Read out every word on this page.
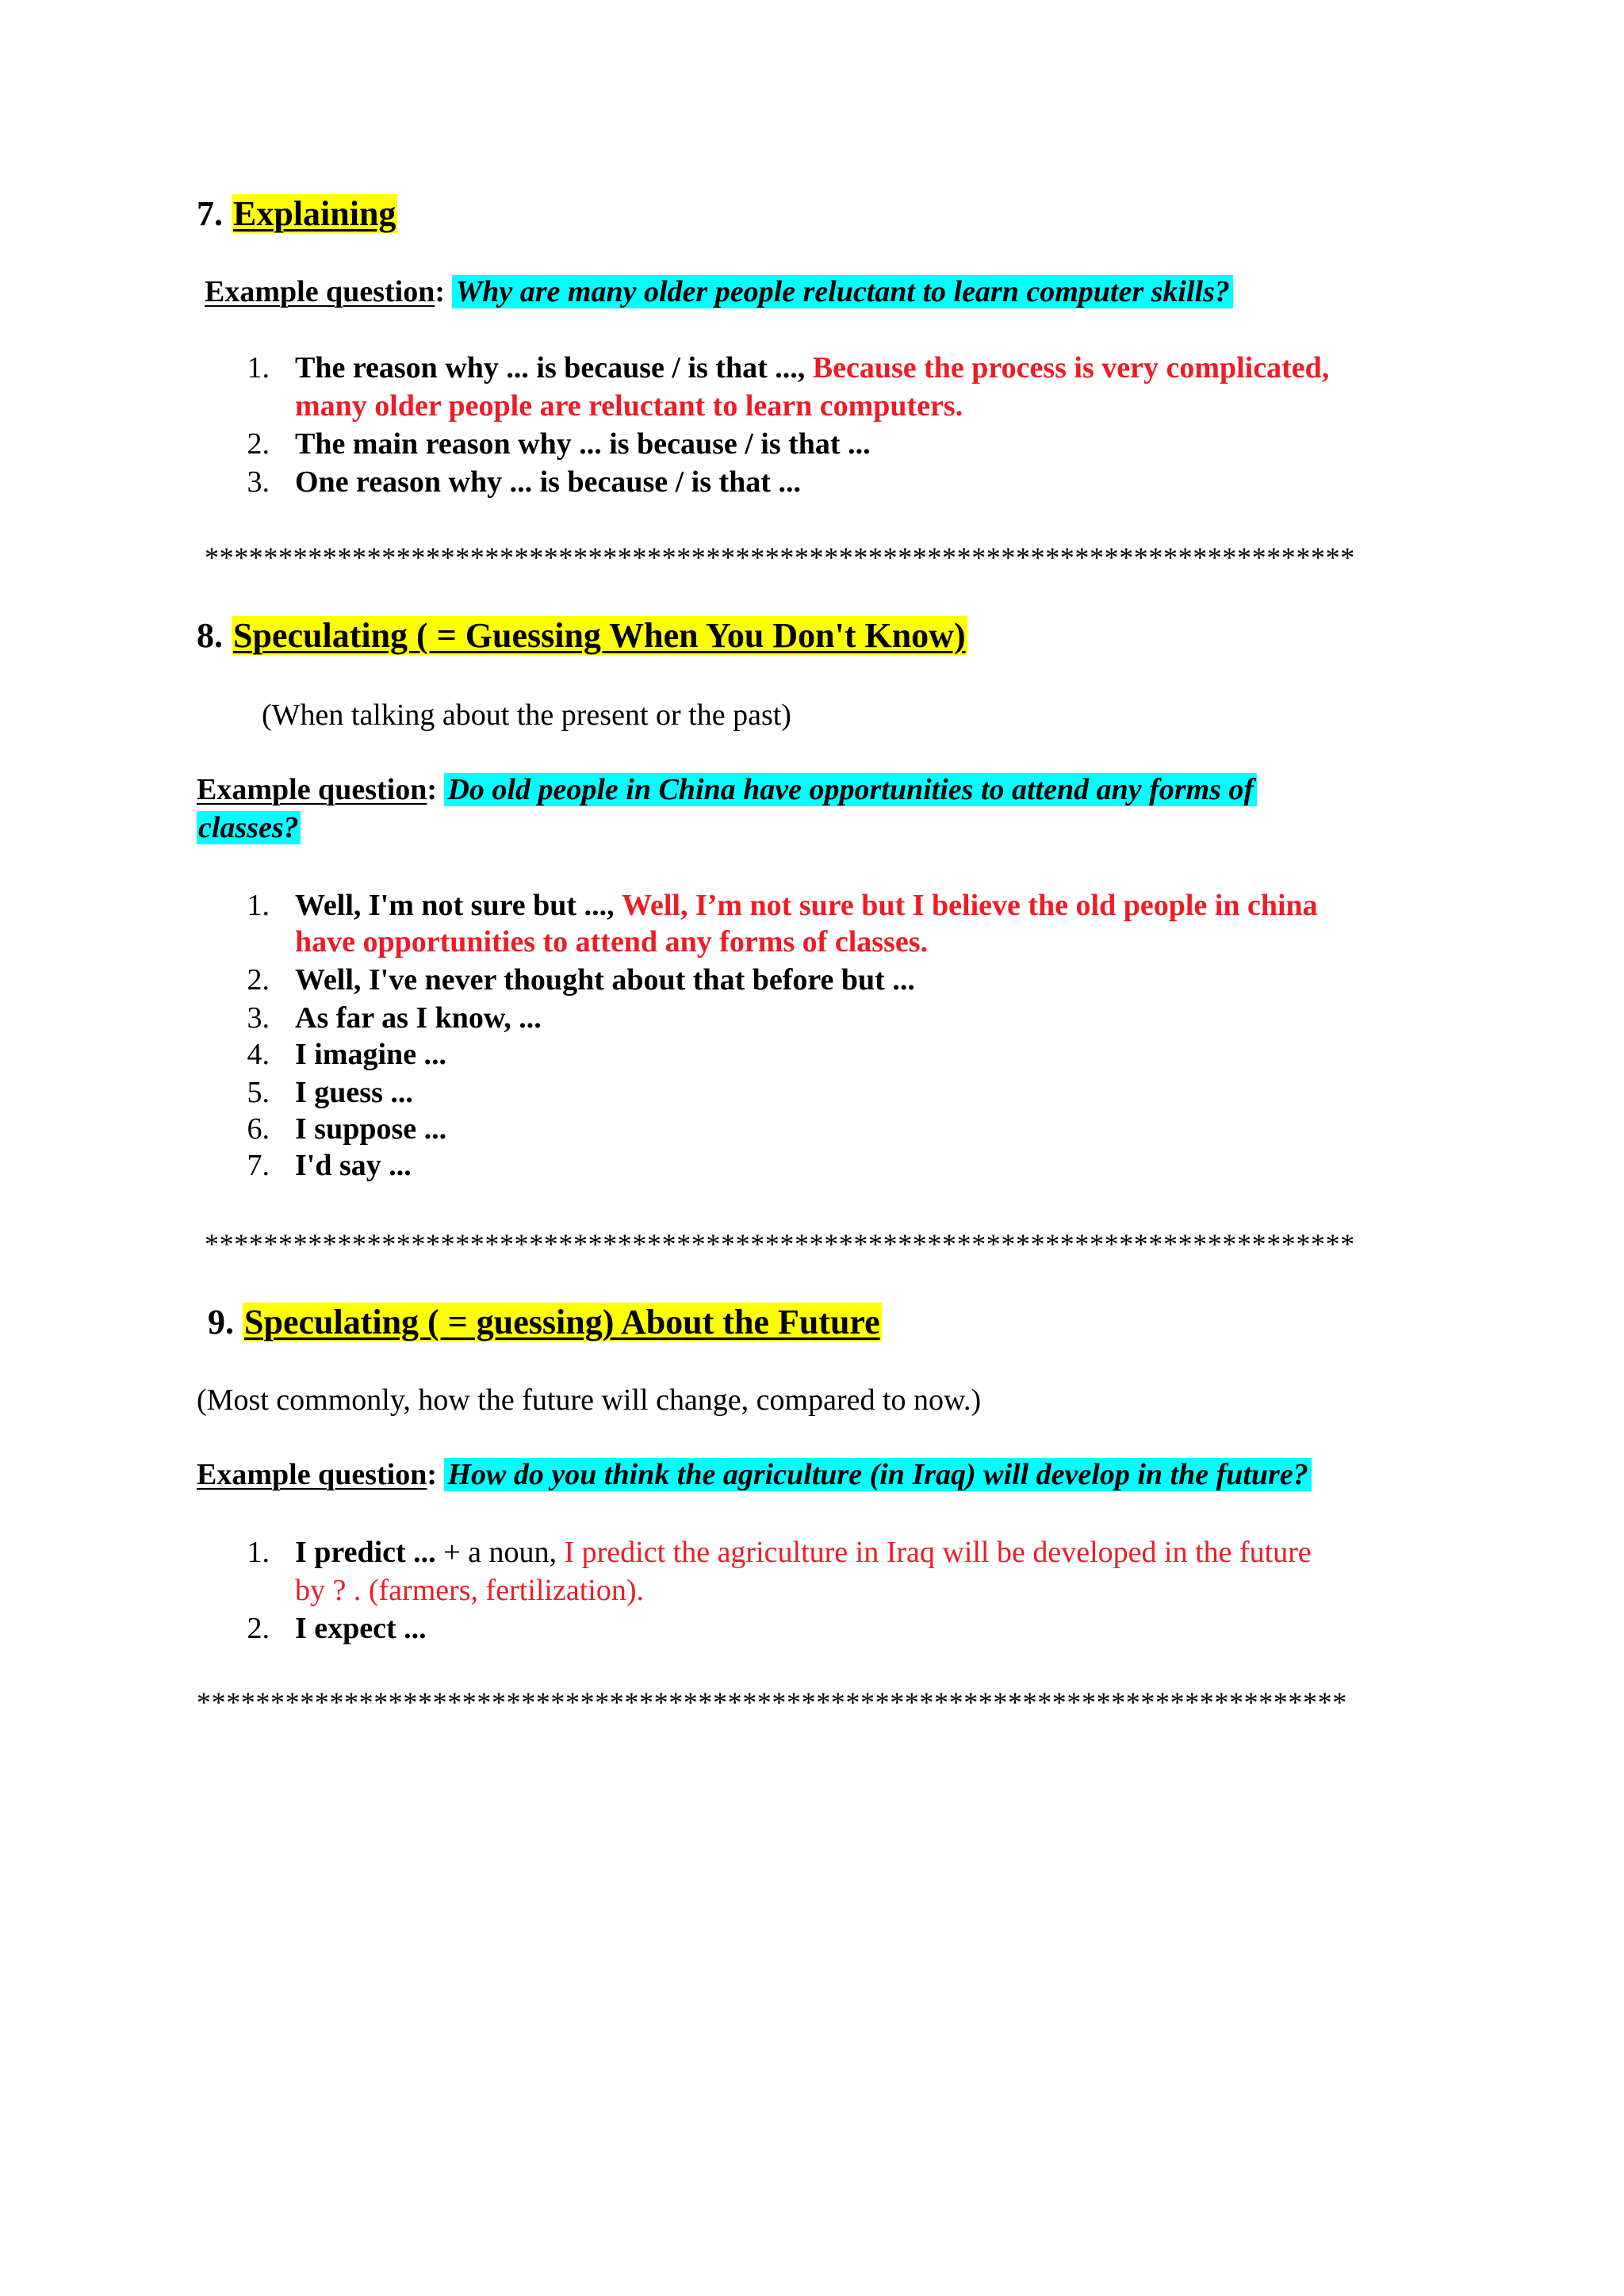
7. Explaining
Example question: Why are many older people reluctant to learn computer skills?
1. The reason why ... is because / is that ..., Because the process is very complicated,
many older people are reluctant to learn computers.
2. The main reason why ... is because / is that ...
3. One reason why ... is because / is that ...
******************************************************************************
8. Speculating ( = Guessing When You Don't Know)
(When talking about the present or the past)
Example question: Do old people in China have opportunities to attend any forms of
classes?
1. Well, I'm not sure but ..., Well, I’m not sure but I believe the old people in china
have opportunities to attend any forms of classes.
2. Well, I've never thought about that before but ...
3. As far as I know, ...
4. I imagine ...
5. I guess ...
6. I suppose ...
7. I'd say ...
******************************************************************************
9. Speculating ( = guessing) About the Future
(Most commonly, how the future will change, compared to now.)
Example question: How do you think the agriculture (in Iraq) will develop in the future?
1. I predict ... + a noun, I predict the agriculture in Iraq will be developed in the future
by ? . (farmers, fertilization).
2. I expect ...
******************************************************************************
